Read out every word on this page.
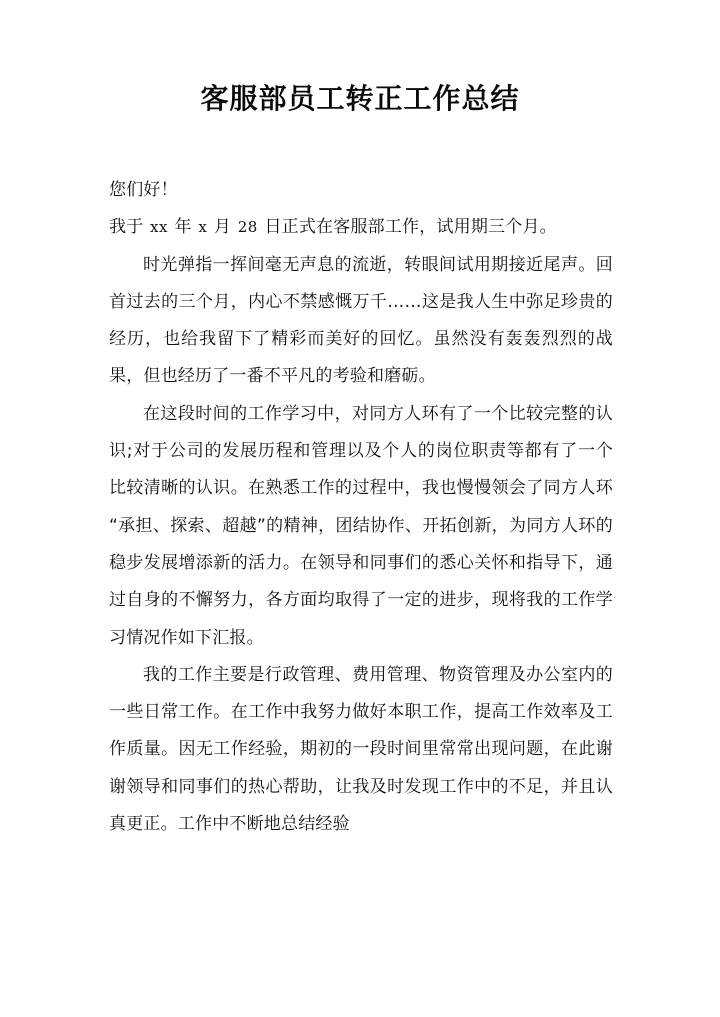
客服部员工转正工作总结

您们好！

我于 xx 年 x 月 28 日正式在客服部工作，试用期三个月。

时光弹指一挥间毫无声息的流逝，转眼间试用期接近尾声。回首过去的三个月，内心不禁感慨万千……这是我人生中弥足珍贵的经历，也给我留下了精彩而美好的回忆。虽然没有轰轰烈烈的战果，但也经历了一番不平凡的考验和磨砺。

在这段时间的工作学习中，对同方人环有了一个比较完整的认识;对于公司的发展历程和管理以及个人的岗位职责等都有了一个比较清晰的认识。在熟悉工作的过程中，我也慢慢领会了同方人环“承担、探索、超越”的精神，团结协作、开拓创新，为同方人环的稳步发展增添新的活力。在领导和同事们的悉心关怀和指导下，通过自身的不懈努力，各方面均取得了一定的进步，现将我的工作学习情况作如下汇报。

我的工作主要是行政管理、费用管理、物资管理及办公室内的一些日常工作。在工作中我努力做好本职工作，提高工作效率及工作质量。因无工作经验，期初的一段时间里常常出现问题，在此谢谢领导和同事们的热心帮助，让我及时发现工作中的不足，并且认真更正。工作中不断地总结经验
